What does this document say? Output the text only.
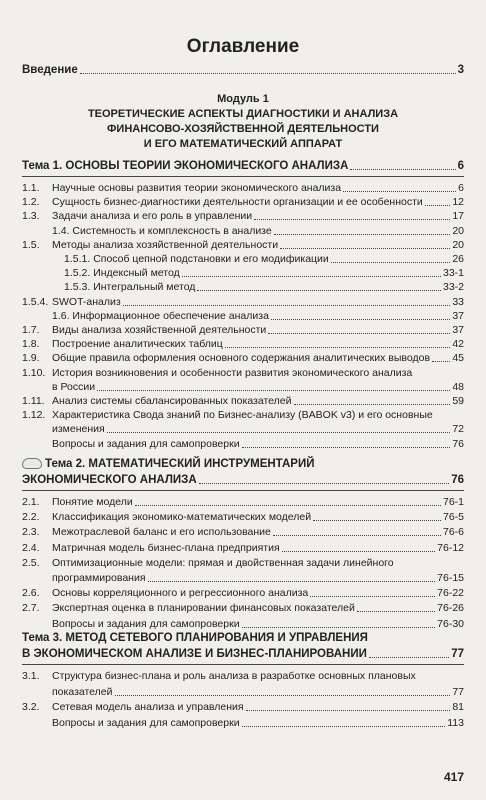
Оглавление
Введение	3
Модуль 1
ТЕОРЕТИЧЕСКИЕ АСПЕКТЫ ДИАГНОСТИКИ И АНАЛИЗА
ФИНАНСОВО-ХОЗЯЙСТВЕННОЙ ДЕЯТЕЛЬНОСТИ
И ЕГО МАТЕМАТИЧЕСКИЙ АППАРАТ
Тема 1. ОСНОВЫ ТЕОРИИ ЭКОНОМИЧЕСКОГО АНАЛИЗА	6
1.1.	Научные основы развития теории экономического анализа	6
1.2.	Сущность бизнес-диагностики деятельности организации и ее особенности	12
1.3.	Задачи анализа и его роль в управлении	17
1.4. Системность и комплексность в анализе	20
1.5.	Методы анализа хозяйственной деятельности	20
1.5.1. Способ цепной подстановки и его модификации	26
1.5.2. Индексный метод	33-1
1.5.3. Интегральный метод	33-2
1.5.4. SWOT-анализ	33
1.6. Информационное обеспечение анализа	37
1.7.	Виды анализа хозяйственной деятельности	37
1.8.	Построение аналитических таблиц	42
1.9.	Общие правила оформления основного содержания аналитических выводов 45
1.10. История возникновения и особенности развития экономического анализа
в России	48
1.11. Анализ системы сбалансированных показателей	59
1.12. Характеристика Свода знаний по Бизнес-анализу (BABOK v3) и его основные
изменения	72
Вопросы и задания для самопроверки	76
Тема 2. МАТЕМАТИЧЕСКИЙ ИНСТРУМЕНТАРИЙ
ЭКОНОМИЧЕСКОГО АНАЛИЗА	76
2.1.	Понятие модели	76-1
2.2.	Классификация экономико-математических моделей	76-5
2.3.	Межотраслевой баланс и его использование	76-6
2.4.	Матричная модель бизнес-плана предприятия	76-12
2.5.	Оптимизационные модели: прямая и двойственная задачи линейного
программирования	76-15
2.6.	Основы корреляционного и регрессионного анализа	76-22
2.7.	Экспертная оценка в планировании финансовых показателей	76-26
Вопросы и задания для самопроверки	76-30
Тема 3. МЕТОД СЕТЕВОГО ПЛАНИРОВАНИЯ И УПРАВЛЕНИЯ
В ЭКОНОМИЧЕСКОМ АНАЛИЗЕ И БИЗНЕС-ПЛАНИРОВАНИИ	77
3.1.	Структура бизнес-плана и роль анализа в разработке основных плановых
показателей	77
3.2.	Сетевая модель анализа и управления	81
Вопросы и задания для самопроверки	113
417
